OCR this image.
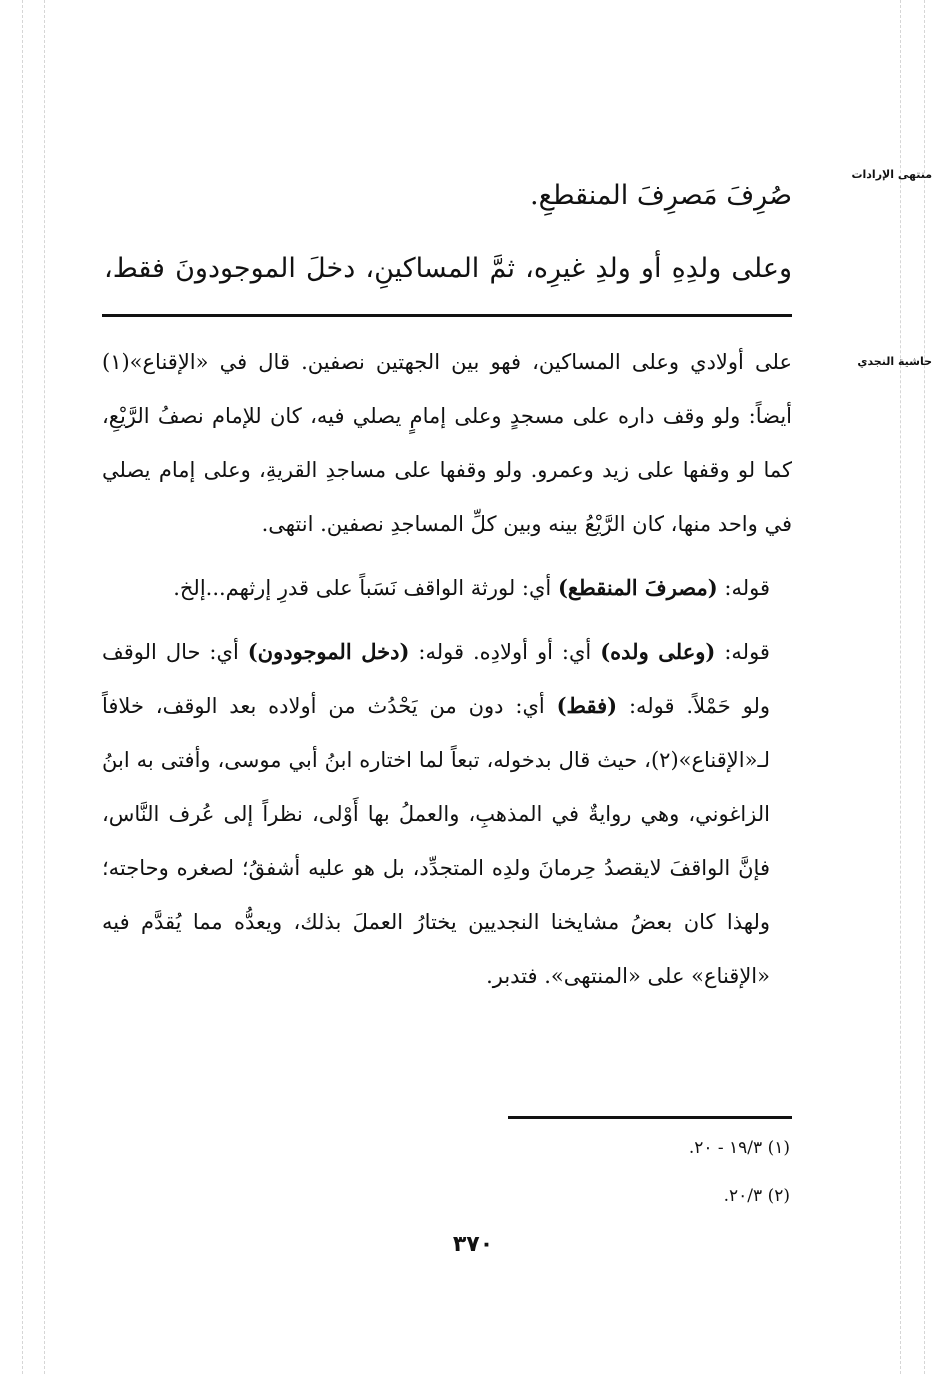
منتهى الإرادات
حاشية النجدي
صُرِفَ مَصرِفَ المنقطعِ.
وعلى ولدِهِ أو ولدِ غيرِه، ثمَّ المساكينِ، دخلَ الموجودونَ فقط،

على أولادي وعلى المساكين، فهو بين الجهتين نصفين. قال في «الإقناع»(١) أيضاً: ولو وقف داره على مسجدٍ وعلى إمامٍ يصلي فيه، كان للإمام نصفُ الرَّيْعِ، كما لو وقفها على زيد وعمرو. ولو وقفها على مساجدِ القريةِ، وعلى إمام يصلي في واحد منها، كان الرَّيْعُ بينه وبين كلِّ المساجدِ نصفين. انتهى.

قوله: (مصرفَ المنقطع) أي: لورثة الواقف نَسَباً على قدرِ إرثهم...إلخ.

قوله: (وعلى ولده) أي: أو أولادِه. قوله: (دخل الموجودون) أي: حال الوقف ولو حَمْلاً. قوله: (فقط) أي: دون من يَحْدُث من أولاده بعد الوقف، خلافاً لـ«الإقناع»(٢)، حيث قال بدخوله، تبعاً لما اختاره ابنُ أبي موسى، وأفتى به ابنُ الزاغوني، وهي روايةٌ في المذهبِ، والعملُ بها أَوْلى، نظراً إلى عُرف النَّاس، فإنَّ الواقفَ لايقصدُ حِرمانَ ولدِه المتجدِّد، بل هو عليه أشفقُ؛ لصغره وحاجته؛ ولهذا كان بعضُ مشايخنا النجديين يختارُ العملَ بذلك، ويعدُّه مما يُقدَّم فيه «الإقناع» على «المنتهى». فتدبر.

(١) ١٩/٣ - ٢٠.
(٢) ٢٠/٣.
٣٧٠
